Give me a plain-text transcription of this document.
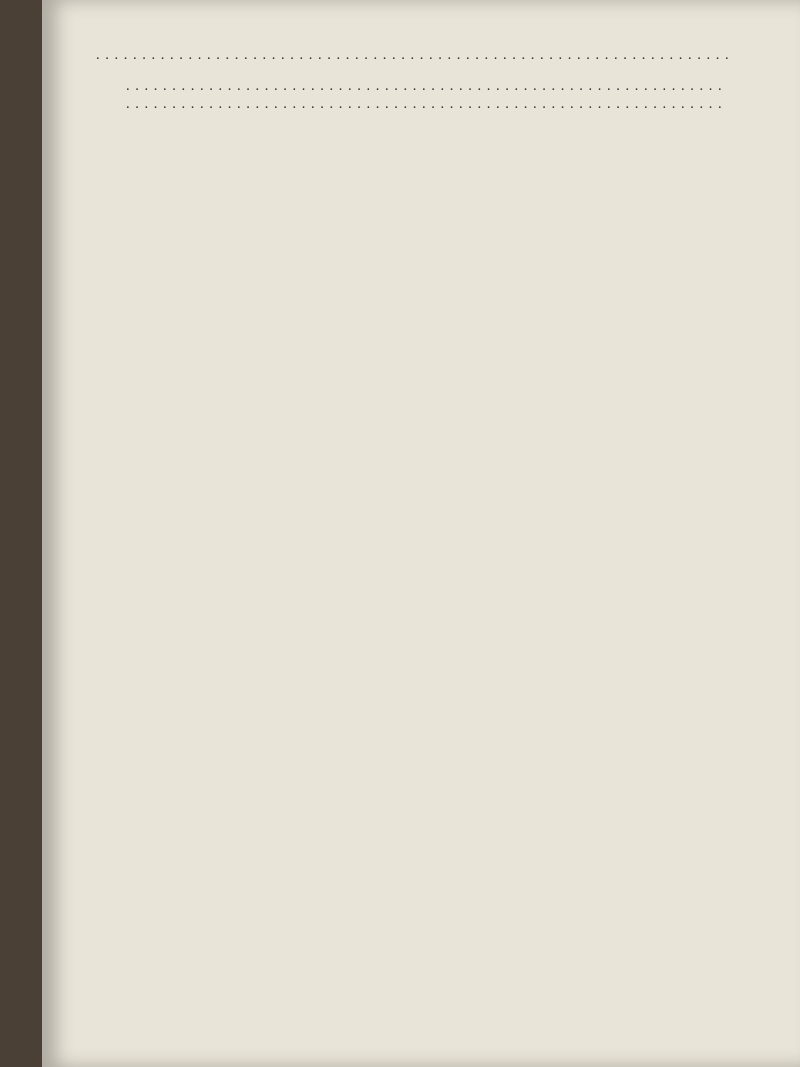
. . .
. . .
. . .
